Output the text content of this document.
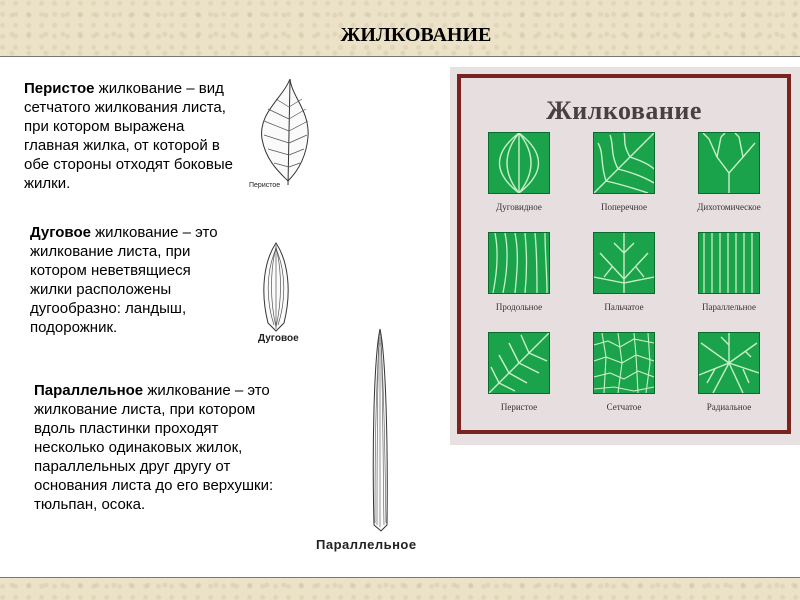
ЖИЛКОВАНИЕ
Перистое жилкование – вид сетчатого жилкования листа, при котором выражена главная жилка, от которой в обе стороны отходят боковые жилки.	Перистое
Дуговое жилкование – это жилкование листа, при котором неветвящиеся жилки расположены дугообразно: ландыш, подорожник.
Дуговое
Параллельное жилкование – это жилкование листа, при котором вдоль пластинки проходят несколько одинаковых жилок, параллельных друг другу от основания листа до его верхушки: тюльпан, осока.
Параллельное
Жилкование
Дуговидное	Поперечное	Дихотомическое
Продольное	Пальчатое	Параллельное
Перистое	Сетчатое	Радиальное
